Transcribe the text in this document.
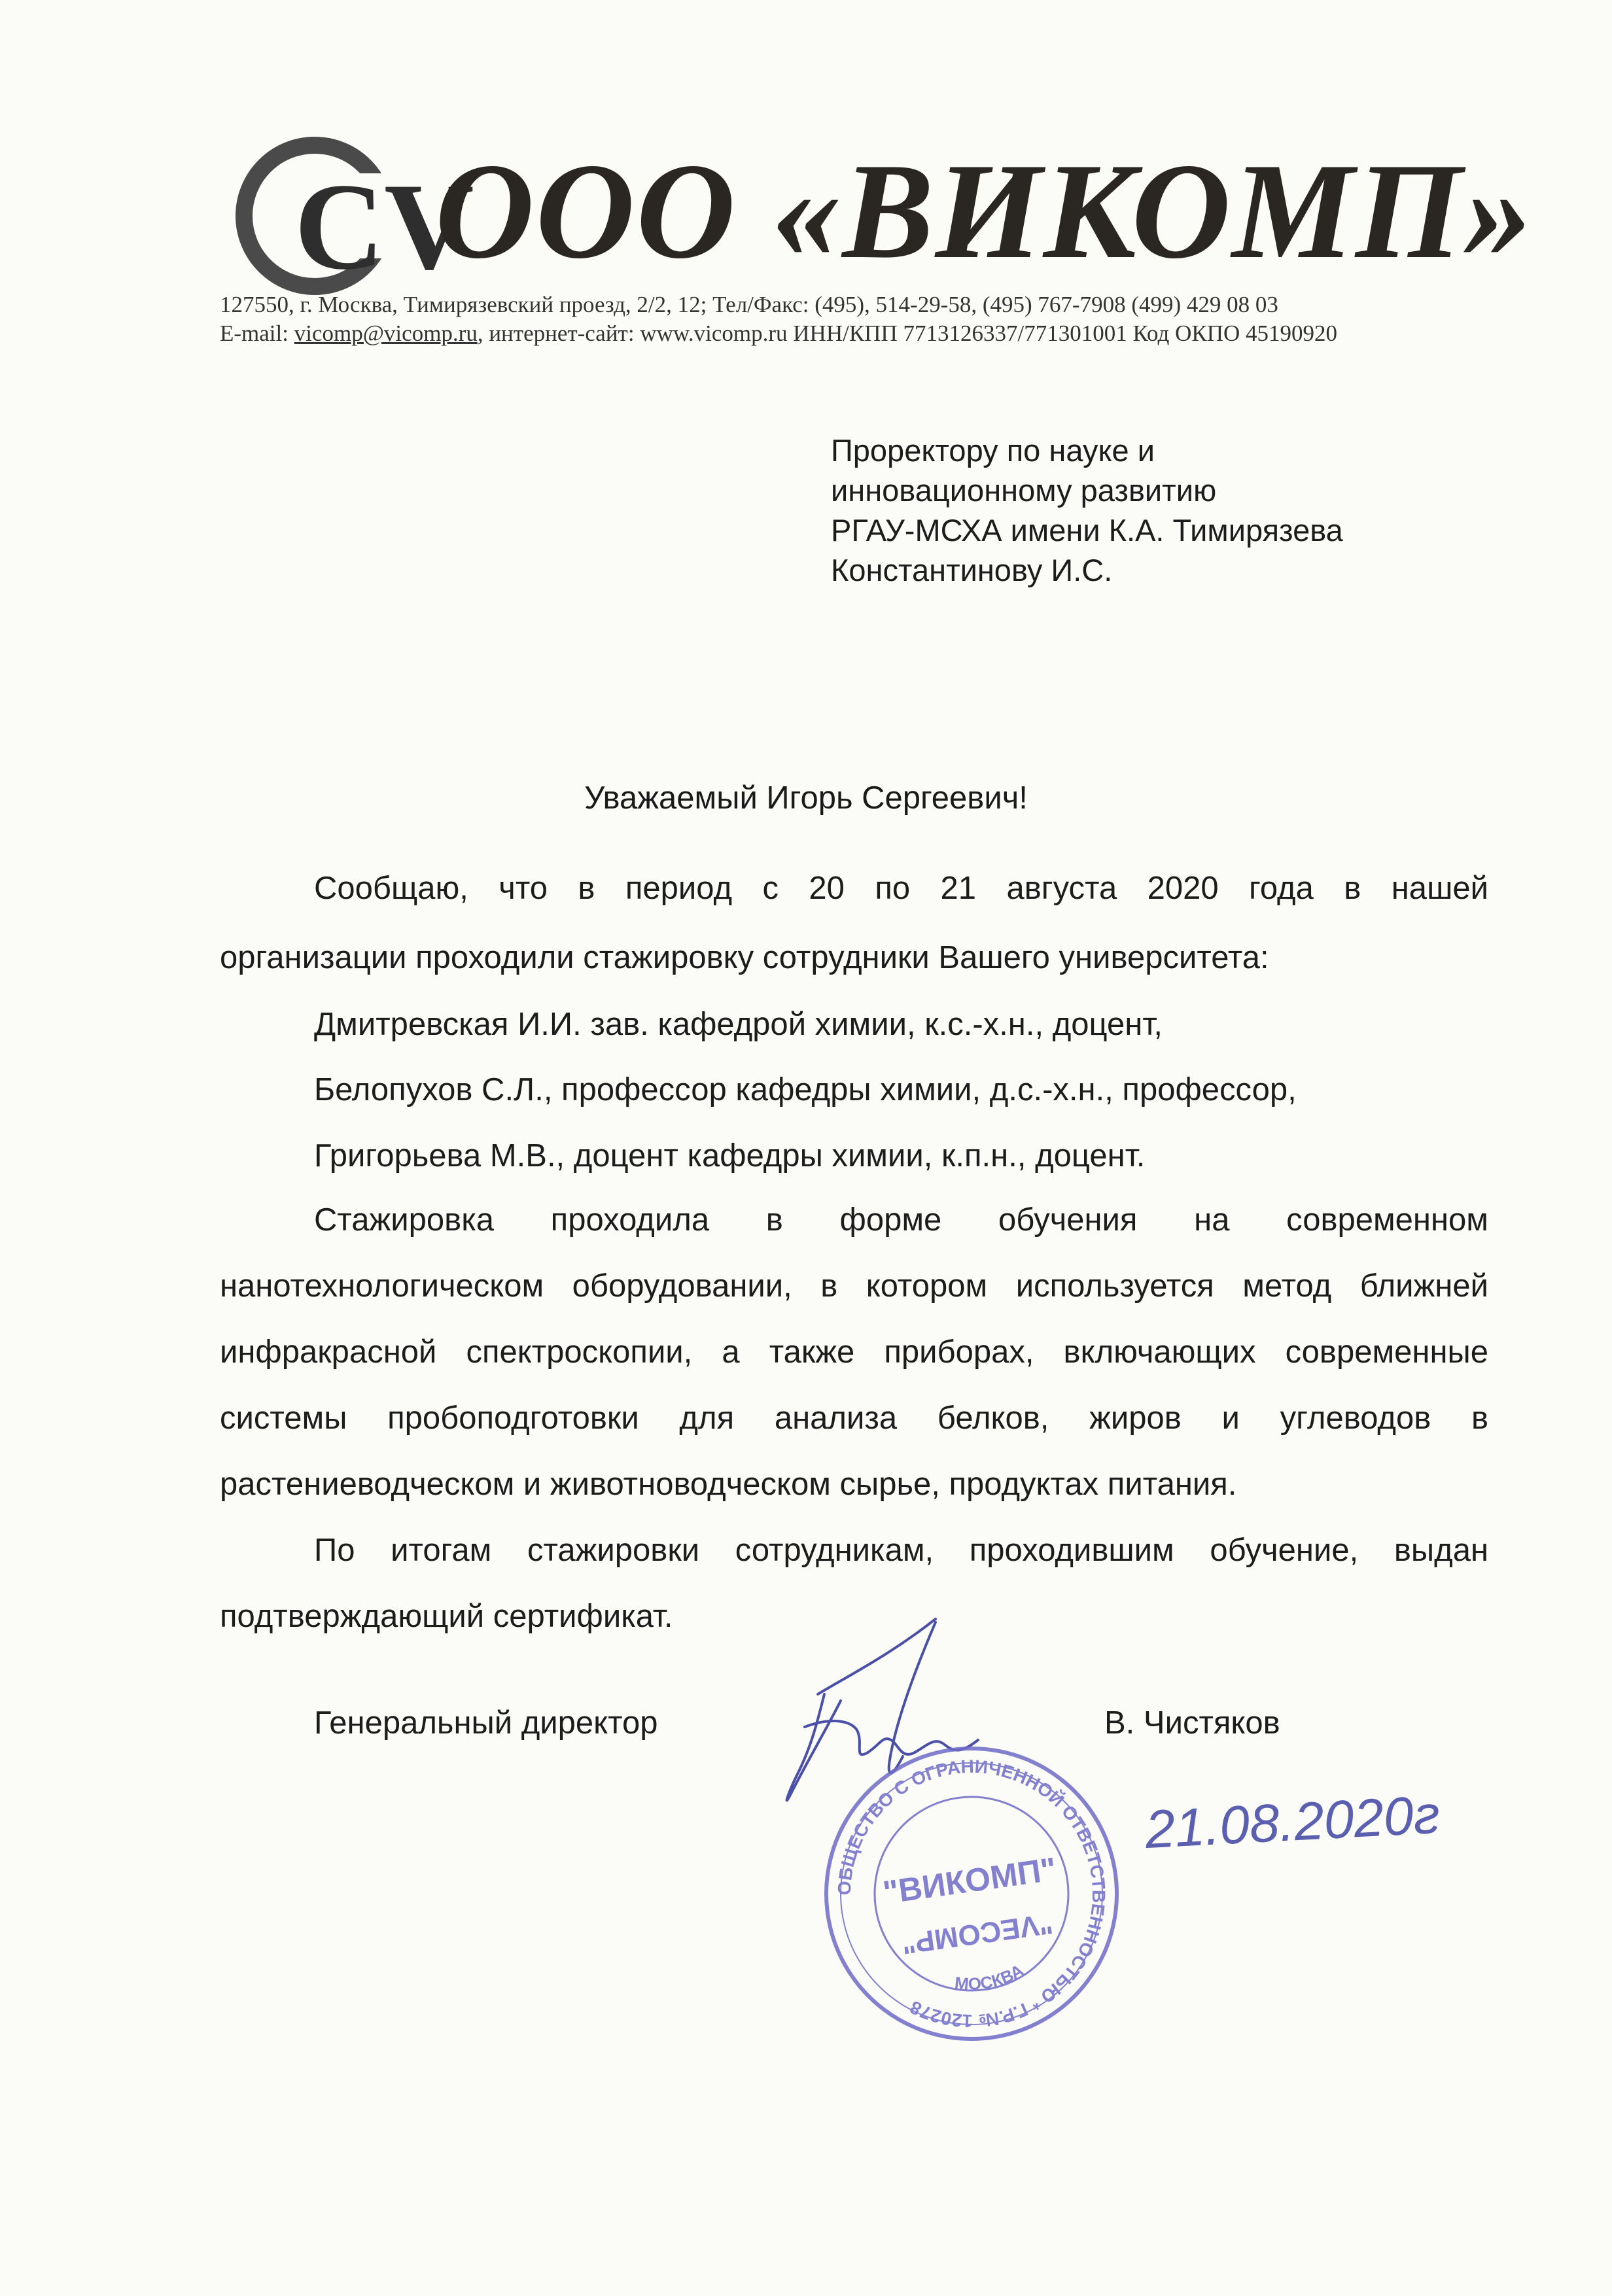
CV
ООО «ВИКОМП»
127550, г. Москва, Тимирязевский проезд, 2/2, 12; Тел/Факс: (495), 514-29-58, (495) 767-7908 (499) 429 08 03
E-mail: vicomp@vicomp.ru, интернет-сайт: www.vicomp.ru ИНН/КПП 7713126337/771301001 Код ОКПО 45190920
Проректору по науке и
инновационному развитию
РГАУ-МСХА имени К.А. Тимирязева
Константинову И.С.
Уважаемый Игорь Сергеевич!
Сообщаю, что в период с 20 по 21 августа 2020 года в нашей
организации проходили стажировку сотрудники Вашего университета:
Дмитревская И.И. зав. кафедрой химии, к.с.-х.н., доцент,
Белопухов С.Л., профессор кафедры химии, д.с.-х.н., профессор,
Григорьева М.В., доцент кафедры химии, к.п.н., доцент.
Стажировка проходила в форме обучения на современном
нанотехнологическом оборудовании, в котором используется метод ближней
инфракрасной спектроскопии, а также приборах, включающих современные
системы пробоподготовки для анализа белков, жиров и углеводов в
растениеводческом и животноводческом сырье, продуктах питания.
По итогам стажировки сотрудникам, проходившим обучение, выдан
подтверждающий сертификат.
Генеральный директор	В. Чистяков
21.08.2020г
ОБЩЕСТВО С ОГРАНИЧЕННОЙ ОТВЕТСТВЕННОСТЬЮ * Г.Р.№ 120278
МОСКВА
"ВИКОМП"
"VECOMP"
